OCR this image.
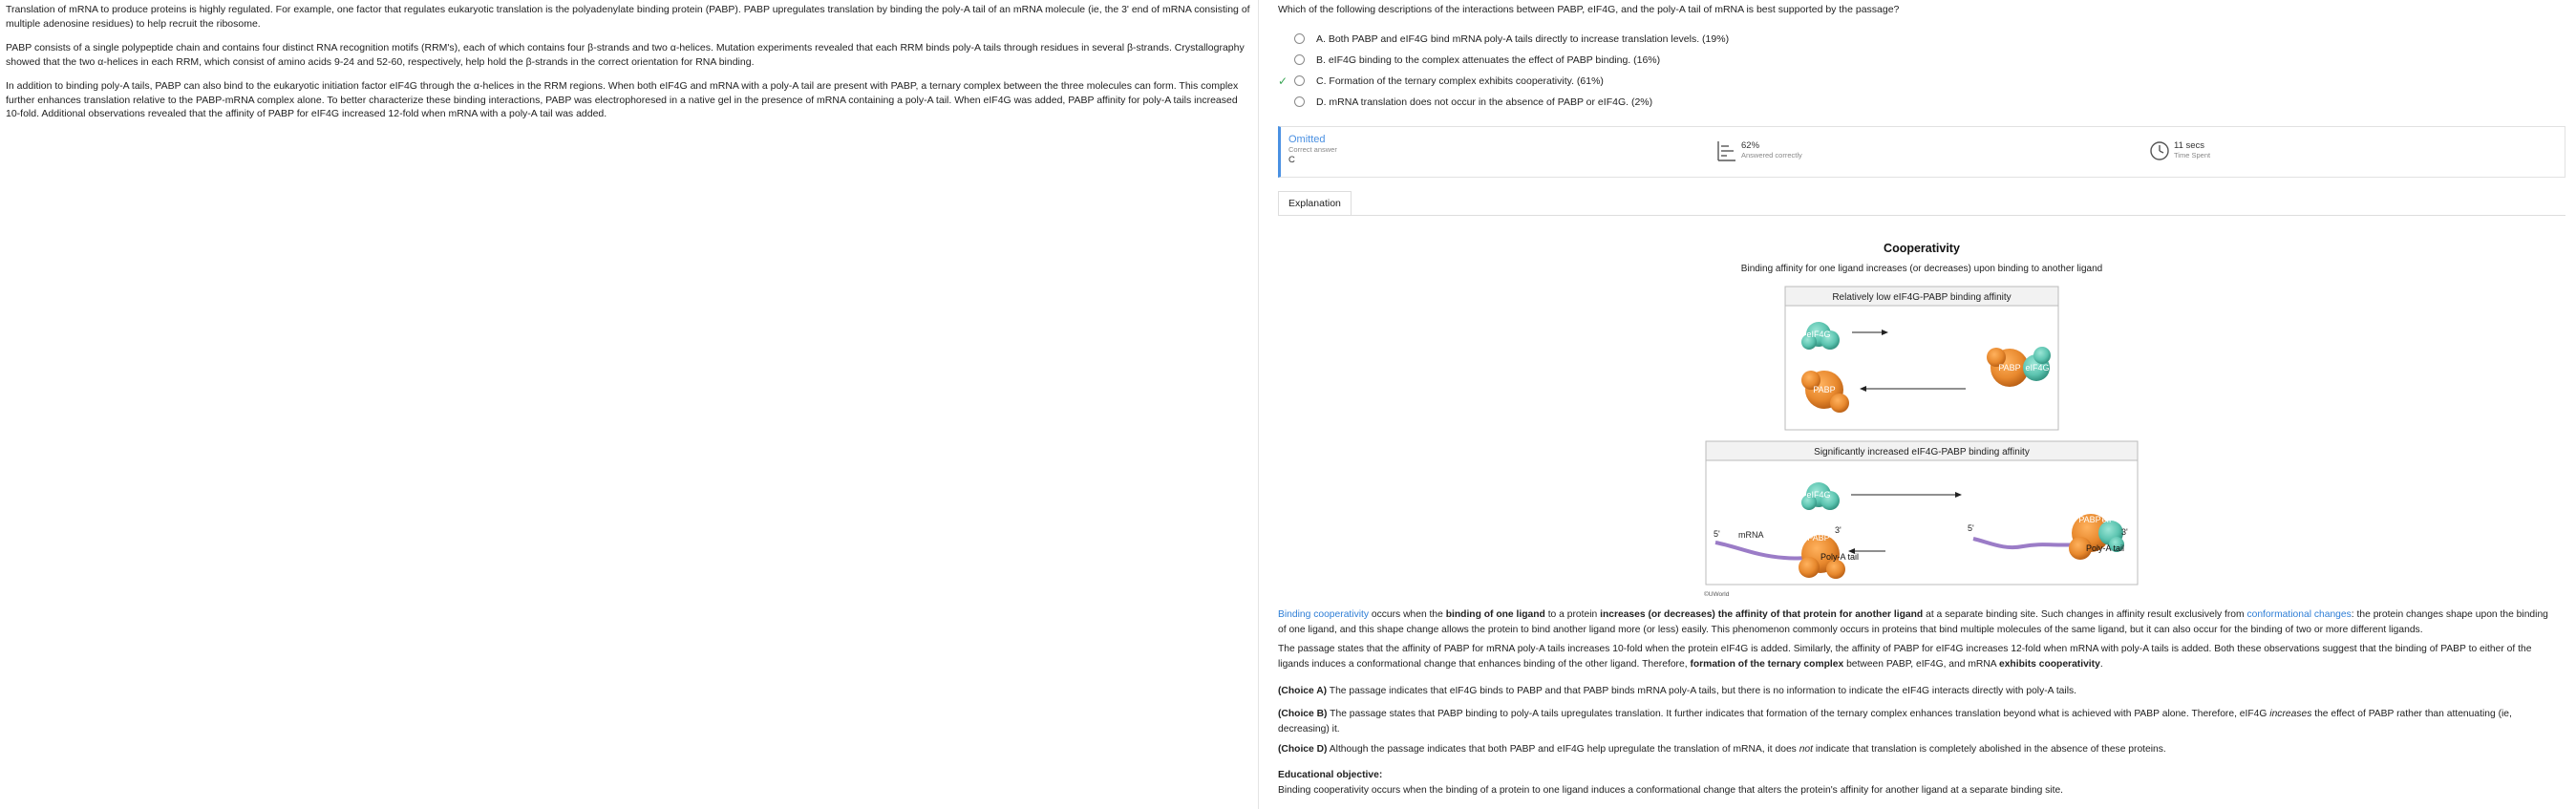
Translation of mRNA to produce proteins is highly regulated. For example, one factor that regulates eukaryotic translation is the polyadenylate binding protein (PABP). PABP upregulates translation by binding the poly-A tail of an mRNA molecule (ie, the 3' end of mRNA consisting of multiple adenosine residues) to help recruit the ribosome.

PABP consists of a single polypeptide chain and contains four distinct RNA recognition motifs (RRM's), each of which contains four β-strands and two α-helices. Mutation experiments revealed that each RRM binds poly-A tails through residues in several β-strands. Crystallography showed that the two α-helices in each RRM, which consist of amino acids 9-24 and 52-60, respectively, help hold the β-strands in the correct orientation for RNA binding.

In addition to binding poly-A tails, PABP can also bind to the eukaryotic initiation factor eIF4G through the α-helices in the RRM regions. When both eIF4G and mRNA with a poly-A tail are present with PABP, a ternary complex between the three molecules can form. This complex further enhances translation relative to the PABP-mRNA complex alone. To better characterize these binding interactions, PABP was electrophoresed in a native gel in the presence of mRNA containing a poly-A tail. When eIF4G was added, PABP affinity for poly-A tails increased 10-fold. Additional observations revealed that the affinity of PABP for eIF4G increased 12-fold when mRNA with a poly-A tail was added.

Which of the following descriptions of the interactions between PABP, eIF4G, and the poly-A tail of mRNA is best supported by the passage?
A. Both PABP and eIF4G bind mRNA poly-A tails directly to increase translation levels. (19%)
B. eIF4G binding to the complex attenuates the effect of PABP binding. (16%)
✓	C. Formation of the ternary complex exhibits cooperativity. (61%)
D. mRNA translation does not occur in the absence of PABP or eIF4G. (2%)
Omitted
Correct answer
C
62%
Answered correctly
11 secs
Time Spent
Explanation
Cooperativity
Binding affinity for one ligand increases (or decreases) upon binding to another ligand
Relatively low eIF4G-PABP binding affinity
eIF4G
PABP
PABP eIF4G
Significantly increased eIF4G-PABP binding affinity
eIF4G
5' mRNA	PABP
3'
Poly-A tail
5'
PABP eIF4G
3'
Poly-A tail
Binding cooperativity occurs when the binding of one ligand to a protein increases (or decreases) the affinity of that protein for another ligand at a separate binding site. Such changes in affinity result exclusively from conformational changes: the protein changes shape upon the binding of one ligand, and this shape change allows the protein to bind another ligand more (or less) easily. This phenomenon commonly occurs in proteins that bind multiple molecules of the same ligand, but it can also occur for the binding of two or more different ligands.
The passage states that the affinity of PABP for mRNA poly-A tails increases 10-fold when the protein eIF4G is added. Similarly, the affinity of PABP for eIF4G increases 12-fold when mRNA with poly-A tails is added. Both these observations suggest that the binding of PABP to either of the ligands induces a conformational change that enhances binding of the other ligand. Therefore, formation of the ternary complex between PABP, eIF4G, and mRNA exhibits cooperativity.
(Choice A) The passage indicates that eIF4G binds to PABP and that PABP binds mRNA poly-A tails, but there is no information to indicate the eIF4G interacts directly with poly-A tails.
(Choice B) The passage states that PABP binding to poly-A tails upregulates translation. It further indicates that formation of the ternary complex enhances translation beyond what is achieved with PABP alone. Therefore, eIF4G increases the effect of PABP rather than attenuating (ie, decreasing) it.
(Choice D) Although the passage indicates that both PABP and eIF4G help upregulate the translation of mRNA, it does not indicate that translation is completely abolished in the absence of these proteins.
Educational objective:
Binding cooperativity occurs when the binding of a protein to one ligand induces a conformational change that alters the protein's affinity for another ligand at a separate binding site.
©UWorld
